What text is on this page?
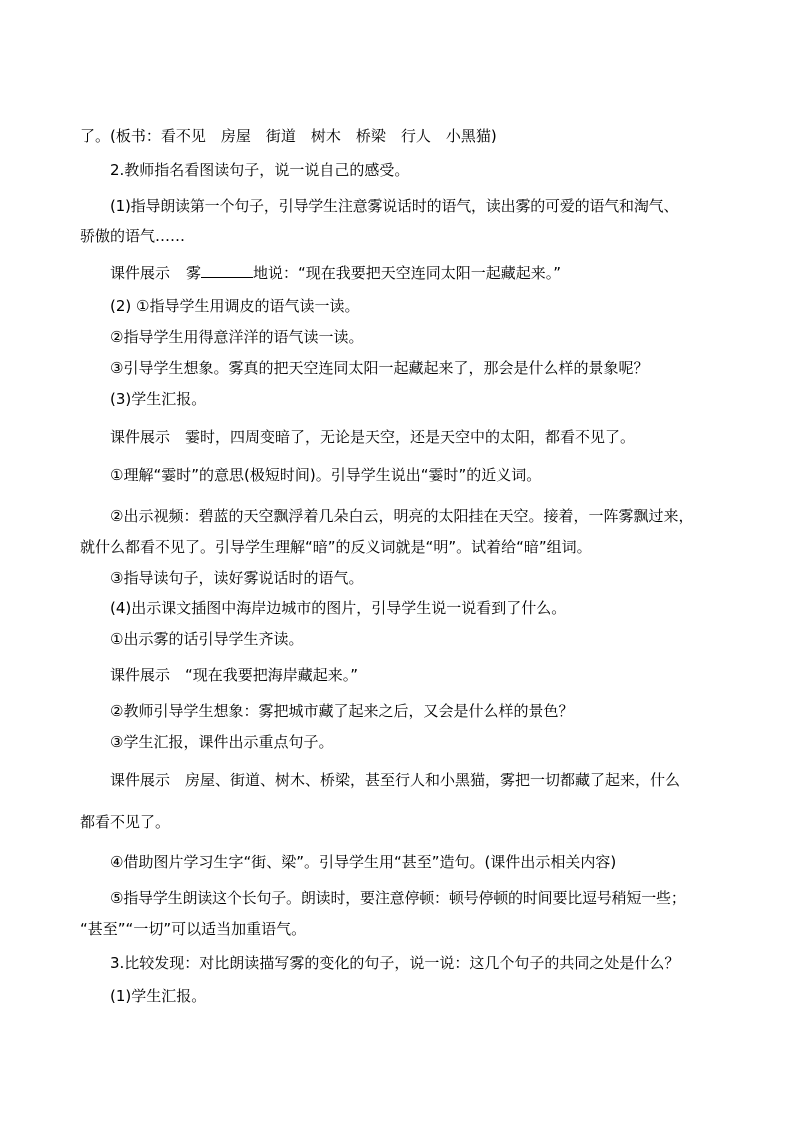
了。(板书：看不见　房屋　街道　树木　桥梁　行人　小黑猫)
2.教师指名看图读句子，说一说自己的感受。
(1)指导朗读第一个句子，引导学生注意雾说话时的语气，读出雾的可爱的语气和淘气、
骄傲的语气……
课件展示 雾	地说：“现在我要把天空连同太阳一起藏起来。”
(2) ①指导学生用调皮的语气读一读。
②指导学生用得意洋洋的语气读一读。
③引导学生想象。雾真的把天空连同太阳一起藏起来了，那会是什么样的景象呢？
(3)学生汇报。
课件展示　霎时，四周变暗了，无论是天空，还是天空中的太阳，都看不见了。
①理解“霎时”的意思(极短时间)。引导学生说出“霎时”的近义词。
②出示视频：碧蓝的天空飘浮着几朵白云，明亮的太阳挂在天空。接着，一阵雾飘过来，
就什么都看不见了。引导学生理解“暗”的反义词就是“明”。试着给“暗”组词。
③指导读句子，读好雾说话时的语气。
(4)出示课文插图中海岸边城市的图片，引导学生说一说看到了什么。
①出示雾的话引导学生齐读。
课件展示　“现在我要把海岸藏起来。”
②教师引导学生想象：雾把城市藏了起来之后，又会是什么样的景色？
③学生汇报，课件出示重点句子。
课件展示　房屋、街道、树木、桥梁，甚至行人和小黑猫，雾把一切都藏了起来，什么
都看不见了。
④借助图片学习生字“街、梁”。引导学生用“甚至”造句。(课件出示相关内容)
⑤指导学生朗读这个长句子。朗读时，要注意停顿：顿号停顿的时间要比逗号稍短一些；
“甚至”“一切”可以适当加重语气。
3.比较发现：对比朗读描写雾的变化的句子，说一说：这几个句子的共同之处是什么？
(1)学生汇报。
